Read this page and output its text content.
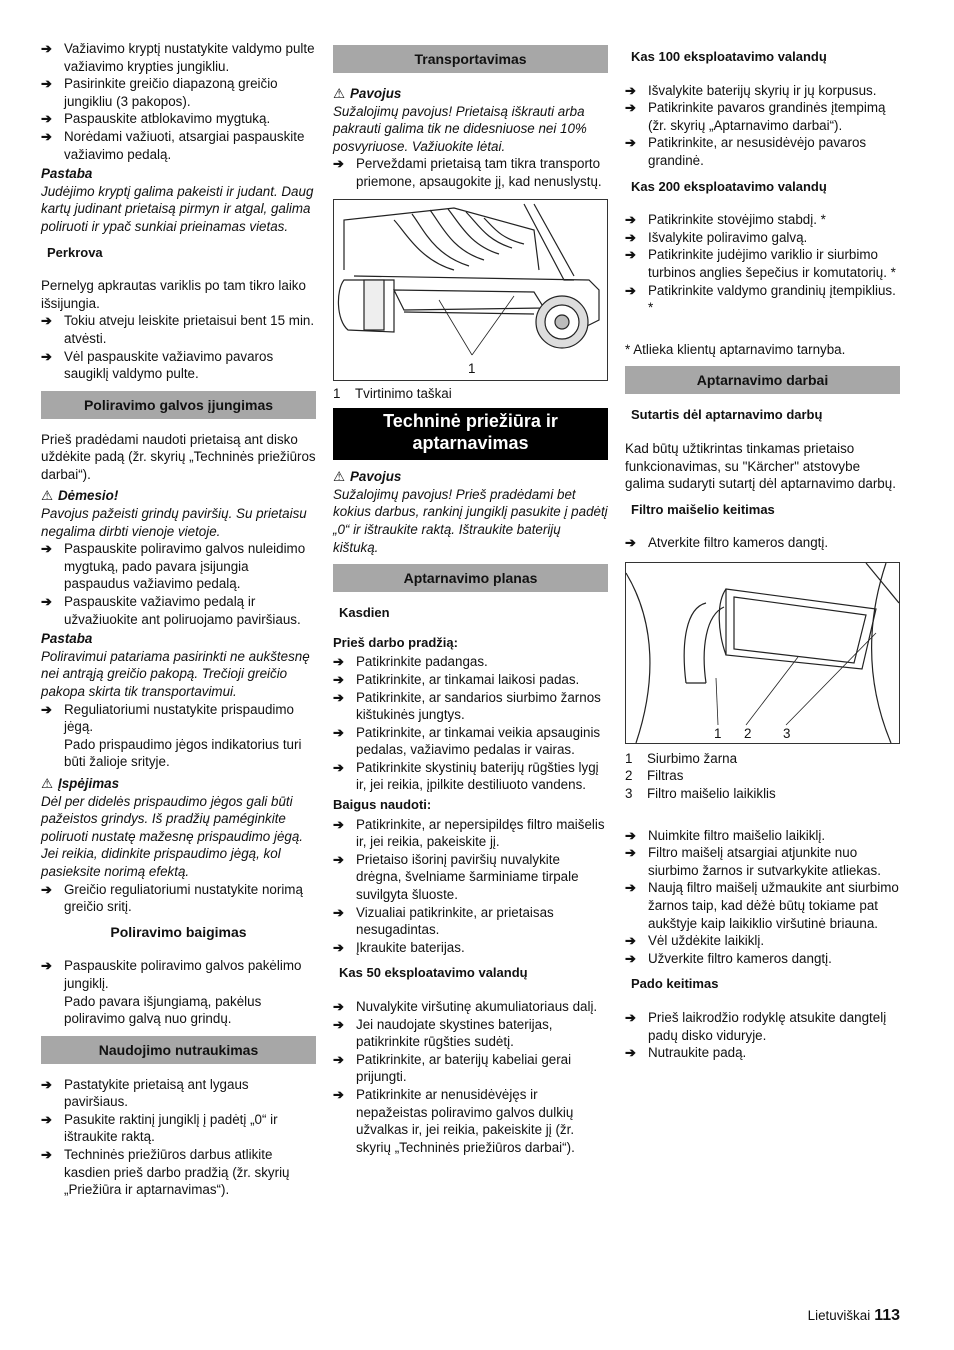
➔ Važiavimo kryptį nustatykite valdymo pulte važiavimo krypties jungikliu.
➔ Pasirinkite greičio diapazoną greičio jungikliu (3 pakopos).
➔ Paspauskite atblokavimo mygtuką.
➔ Norėdami važiuoti, atsargiai paspauskite važiavimo pedalą.
Pastaba
Judėjimo kryptį galima pakeisti ir judant. Daug kartų judinant prietaisą pirmyn ir atgal, galima poliruoti ir ypač sunkiai prieinamas vietas.
Perkrova
Pernelyg apkrautas variklis po tam tikro laiko išsijungia.
➔ Tokiu atveju leiskite prietaisui bent 15 min. atvėsti.
➔ Vėl paspauskite važiavimo pavaros saugiklį valdymo pulte.
Poliravimo galvos įjungimas
Prieš pradėdami naudoti prietaisą ant disko uždėkite padą (žr. skyrių „Techninės priežiūros darbai“).
⚠ Dėmesio!
Pavojus pažeisti grindų paviršių. Su prietaisu negalima dirbti vienoje vietoje.
➔ Paspauskite poliravimo galvos nuleidimo mygtuką, pado pavara įsijungia paspaudus važiavimo pedalą.
➔ Paspauskite važiavimo pedalą ir užvažiuokite ant poliruojamo paviršiaus.
Pastaba
Poliravimui patariama pasirinkti ne aukštesnę nei antrąją greičio pakopą. Trečioji greičio pakopa skirta tik transportavimui.
➔ Reguliatoriumi nustatykite prispaudimo jėgą.
Pado prispaudimo jėgos indikatorius turi būti žalioje srityje.
⚠ Įspėjimas
Dėl per didelės prispaudimo jėgos gali būti pažeistos grindys. Iš pradžių paméginkite poliruoti nustatę mažesnę prispaudimo jėgą. Jei reikia, didinkite prispaudimo jėgą, kol pasieksite norimą efektą.
➔ Greičio reguliatoriumi nustatykite norimą greičio sritį.
Poliravimo baigimas
➔ Paspauskite poliravimo galvos pakėlimo jungiklį.
Pado pavara išjungiamą, pakėlus poliravimo galvą nuo grindų.
Naudojimo nutraukimas
➔ Pastatykite prietaisą ant lygaus paviršiaus.
➔ Pasukite raktinį jungiklį į padėtį „0“ ir ištraukite raktą.
➔ Techninės priežiūros darbus atlikite kasdien prieš darbo pradžią (žr. skyrių „Priežiūra ir aptarnavimas“).
Transportavimas
⚠ Pavojus
Sužalojimų pavojus! Prietaisą iškrauti arba pakrauti galima tik ne didesniuose nei 10% posvyriuose. Važiuokite lėtai.
➔ Perveždami prietaisą tam tikra transporto priemone, apsaugokite jį, kad nenuslystų.
1
1	Tvirtinimo taškai
Techninė priežiūra ir aptarnavimas
⚠ Pavojus
Sužalojimų pavojus! Prieš pradėdami bet kokius darbus, rankinį jungiklį pasukite į padėtį „0“ ir ištraukite raktą. Ištraukite baterijų kištuką.
Aptarnavimo planas
Kasdien
Prieš darbo pradžią:
➔ Patikrinkite padangas.
➔ Patikrinkite, ar tinkamai laikosi padas.
➔ Patikrinkite, ar sandarios siurbimo žarnos kištukinės jungtys.
➔ Patikrinkite, ar tinkamai veikia apsauginis pedalas, važiavimo pedalas ir vairas.
➔ Patikrinkite skystinių baterijų rūgšties lygį ir, jei reikia, įpilkite destiliuoto vandens.
Baigus naudoti:
➔ Patikrinkite, ar nepersipildęs filtro maišelis ir, jei reikia, pakeiskite jį.
➔ Prietaiso išorinį paviršių nuvalykite drėgna, švelniame šarminiame tirpale suvilgyta šluoste.
➔ Vizualiai patikrinkite, ar prietaisas nesugadintas.
➔ Įkraukite baterijas.
Kas 50 eksploatavimo valandų
➔ Nuvalykite viršutinę akumuliatoriaus dalį.
➔ Jei naudojate skystines baterijas, patikrinkite rūgšties sudėtį.
➔ Patikrinkite, ar baterijų kabeliai gerai prijungti.
➔ Patikrinkite ar nenusidėvėjęs ir nepažeistas poliravimo galvos dulkių užvalkas ir, jei reikia, pakeiskite jį (žr. skyrių „Techninės priežiūros darbai“).
Kas 100 eksploatavimo valandų
➔ Išvalykite baterijų skyrių ir jų korpusus.
➔ Patikrinkite pavaros grandinės įtempimą (žr. skyrių „Aptarnavimo darbai“).
➔ Patikrinkite, ar nesusidėvėjo pavaros grandinė.
Kas 200 eksploatavimo valandų
➔ Patikrinkite stovėjimo stabdį. *
➔ Išvalykite poliravimo galvą.
➔ Patikrinkite judėjimo variklio ir siurbimo turbinos anglies šepečius ir komutatorių. *
➔ Patikrinkite valdymo grandinių įtempiklius. *
* Atlieka klientų aptarnavimo tarnyba.
Aptarnavimo darbai
Sutartis dėl aptarnavimo darbų
Kad būtų užtikrintas tinkamas prietaiso funkcionavimas, su "Kärcher" atstovybe galima sudaryti sutartį dėl aptarnavimo darbų.
Filtro maišelio keitimas
➔ Atverkite filtro kameros dangtį.
1 2 3
1	Siurbimo žarna
2	Filtras
3	Filtro maišelio laikiklis
➔ Nuimkite filtro maišelio laikiklį.
➔ Filtro maišelį atsargiai atjunkite nuo siurbimo žarnos ir sutvarkykite atliekas.
➔ Naują filtro maišelį užmaukite ant siurbimo žarnos taip, kad dėžė būtų tokiame pat aukštyje kaip laikiklio viršutinė briauna.
➔ Vėl uždėkite laikiklį.
➔ Užverkite filtro kameros dangtį.
Pado keitimas
➔ Prieš laikrodžio rodyklę atsukite dangtelį padų disko viduryje.
➔ Nutraukite padą.
Lietuviškai 113
